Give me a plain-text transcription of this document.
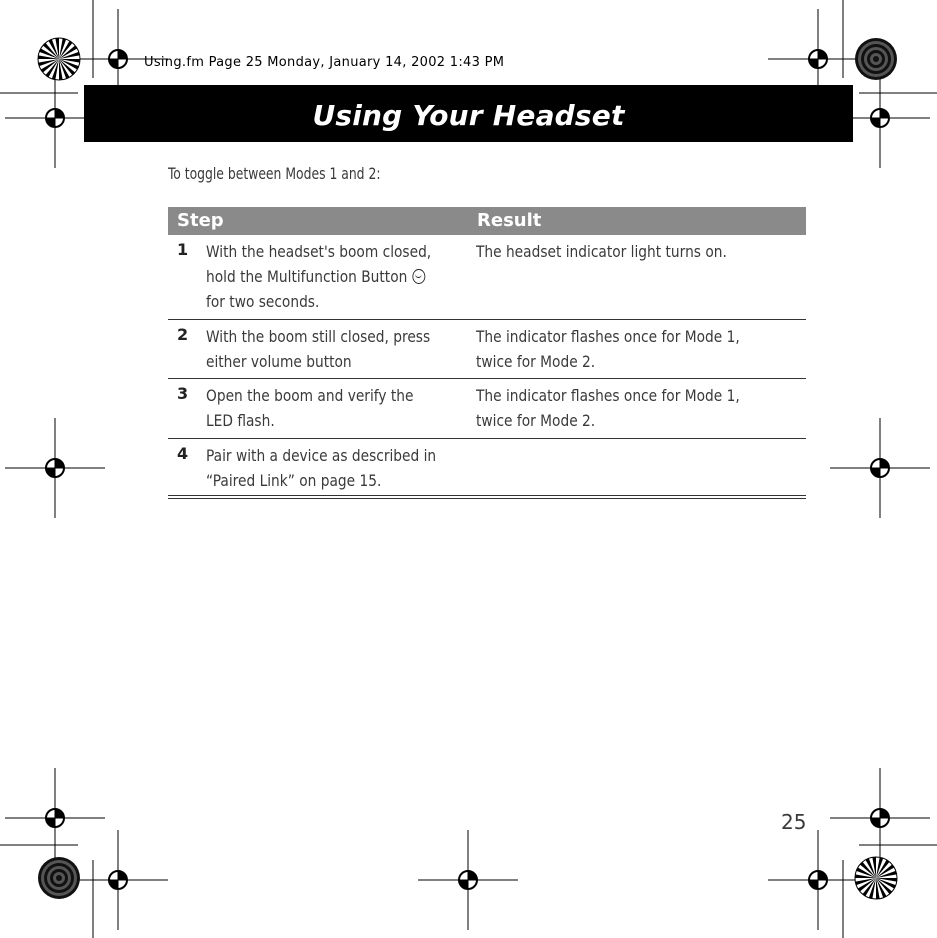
Using.fm Page 25 Monday, January 14, 2002 1:43 PM
Using Your Headset
To toggle between Modes 1 and 2:
Step	Result
1 With the headset's boom closed,
hold the Multifunction Button
for two seconds.
The headset indicator light turns on.
2 With the boom still closed, press
either volume button
The indicator flashes once for Mode 1,
twice for Mode 2.
3 Open the boom and verify the
LED flash.
The indicator flashes once for Mode 1,
twice for Mode 2.
4 Pair with a device as described in
“Paired Link” on page 15.
25
